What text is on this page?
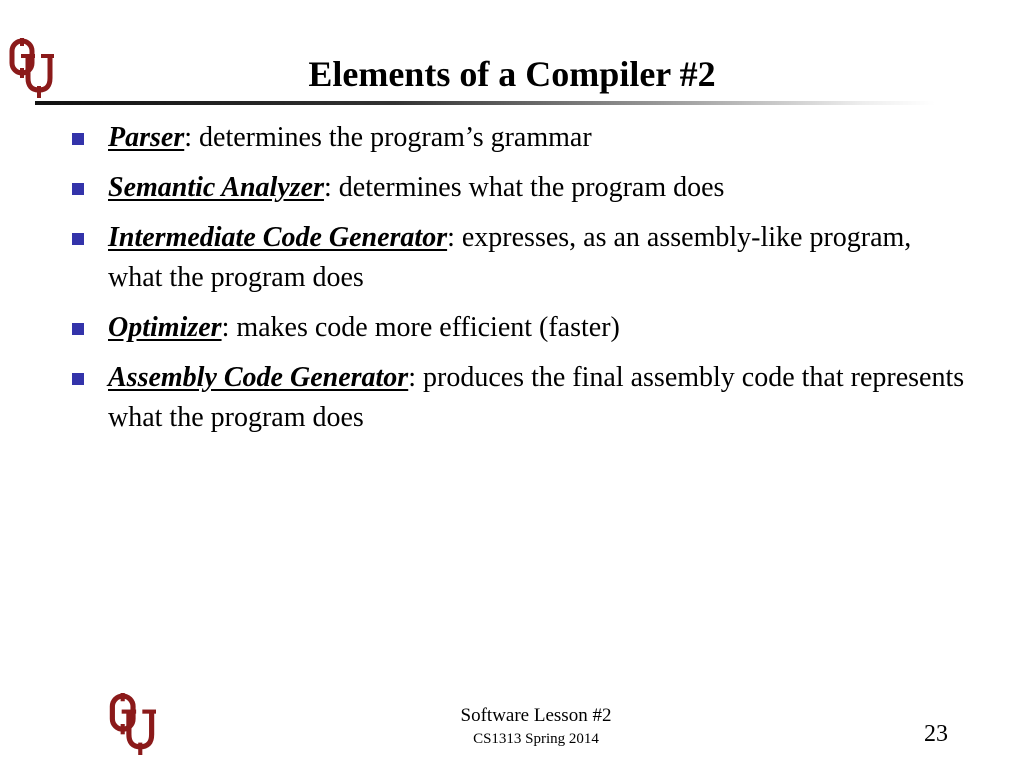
Elements of a Compiler #2
Parser: determines the program’s grammar
Semantic Analyzer: determines what the program does
Intermediate Code Generator: expresses, as an assembly-like program, what the program does
Optimizer: makes code more efficient (faster)
Assembly Code Generator: produces the final assembly code that represents what the program does
Software Lesson #2
CS1313 Spring 2014	23
